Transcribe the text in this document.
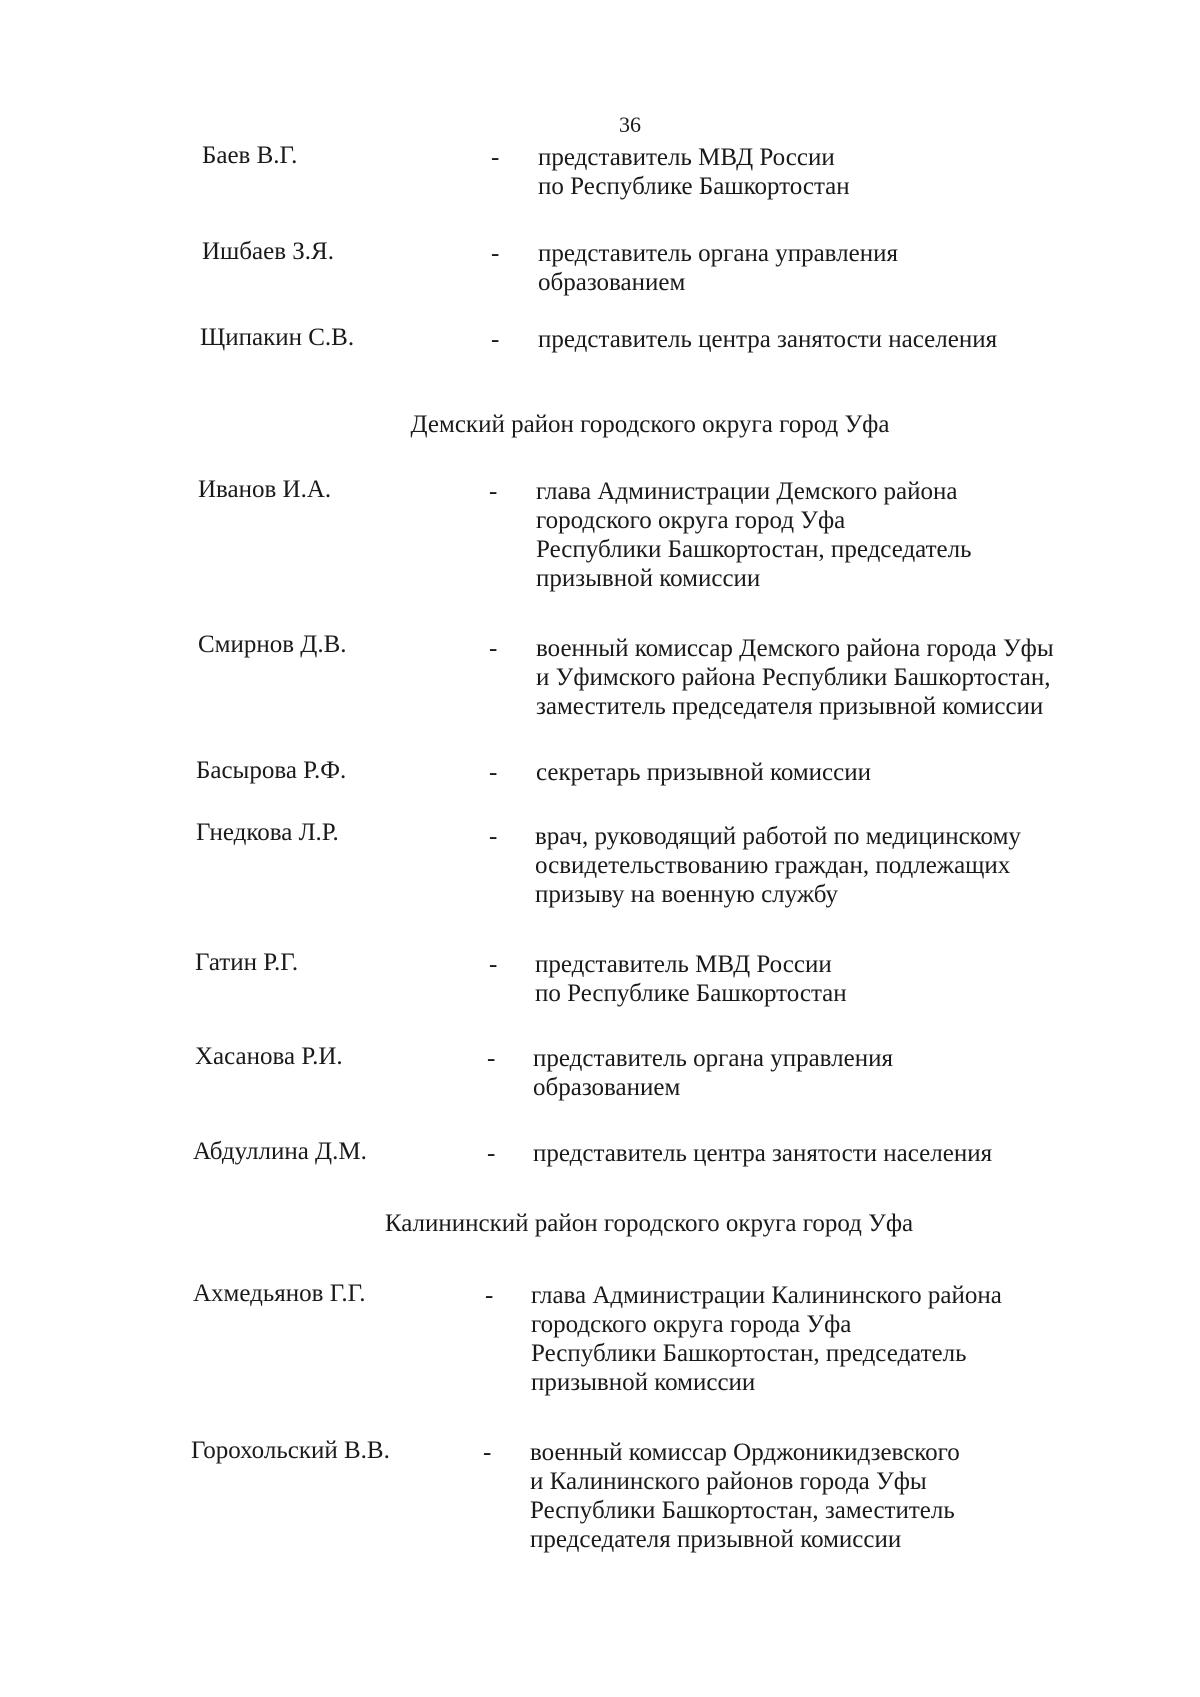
36
Баев В.Г.	- представитель МВД России
по Республике Башкортостан
Ишбаев З.Я.	- представитель органа управления
образованием
Щипакин С.В.	- представитель центра занятости населения
Демский район городского округа город Уфа
Иванов И.А.	- глава Администрации Демского района
городского округа город Уфа
Республики Башкортостан, председатель
призывной комиссии
Смирнов Д.В.	- военный комиссар Демского района города Уфы
и Уфимского района Республики Башкортостан,
заместитель председателя призывной комиссии
Басырова Р.Ф.	- секретарь призывной комиссии
Гнедкова Л.Р.	- врач, руководящий работой по медицинскому
освидетельствованию граждан, подлежащих
призыву на военную службу
Гатин Р.Г.	- представитель МВД России
по Республике Башкортостан
Хасанова Р.И.	- представитель органа управления
образованием
Абдуллина Д.М.	- представитель центра занятости населения
Калининский район городского округа город Уфа
Ахмедьянов Г.Г.	- глава Администрации Калининского района
городского округа города Уфа
Республики Башкортостан, председатель
призывной комиссии
Горохольский В.В.	- военный комиссар Орджоникидзевского
и Калининского районов города Уфы
Республики Башкортостан, заместитель
председателя призывной комиссии
